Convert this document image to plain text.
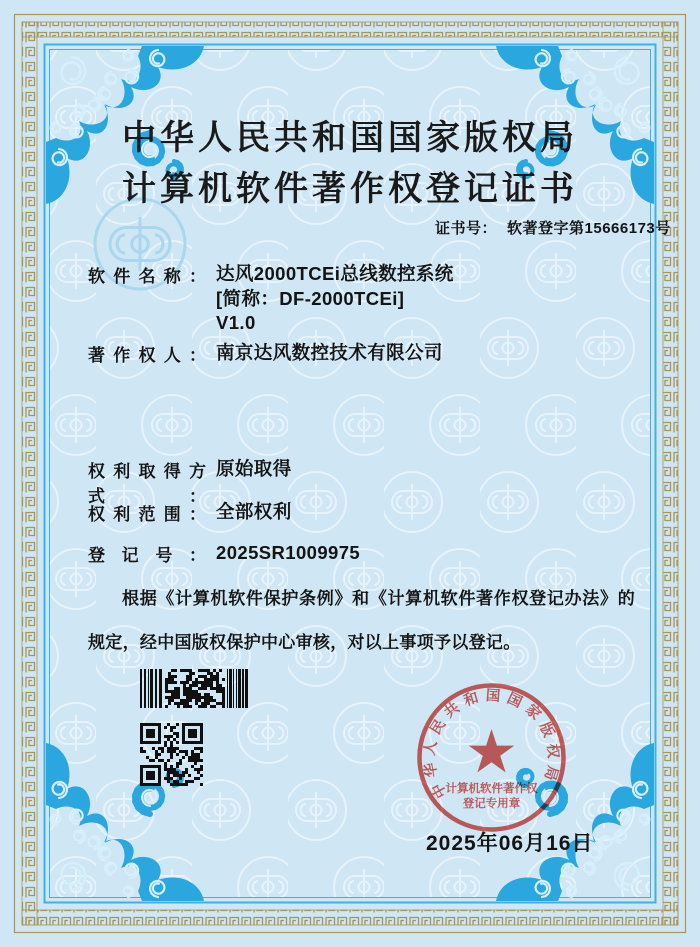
中华人民共和国国家版权局
计算机软件著作权登记证书
证书号： 软著登字第15666173号
软件名称： 达风2000TCEi总线数控系统
[简称：DF-2000TCEi]
V1.0
著作权人： 南京达风数控技术有限公司
权利取得方式：
原始取得
权利范围： 全部权利
登记号： 2025SR1009975
根据《计算机软件保护条例》和《计算机软件著作权登记办法》的规定，经中国版权保护中心审核，对以上事项予以登记。
2025年06月16日
中华人民共和国国家版权局
计算机软件著作权
登记专用章
